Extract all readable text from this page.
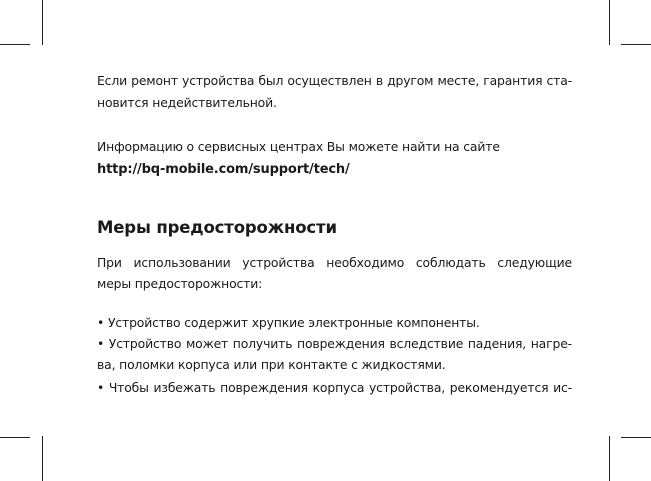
Если ремонт устройства был осуществлен в другом месте, гарантия ста-
новится недействительной.
Информацию о сервисных центрах Вы можете найти на сайте
http://bq-mobile.com/support/tech/
Меры предосторожности
При использовании устройства необходимо соблюдать следующие
меры предосторожности:
• Устройство содержит хрупкие электронные компоненты.
• Устройство может получить повреждения вследствие падения, нагре-
ва, поломки корпуса или при контакте с жидкостями.
• Чтобы избежать повреждения корпуса устройства, рекомендуется ис-
